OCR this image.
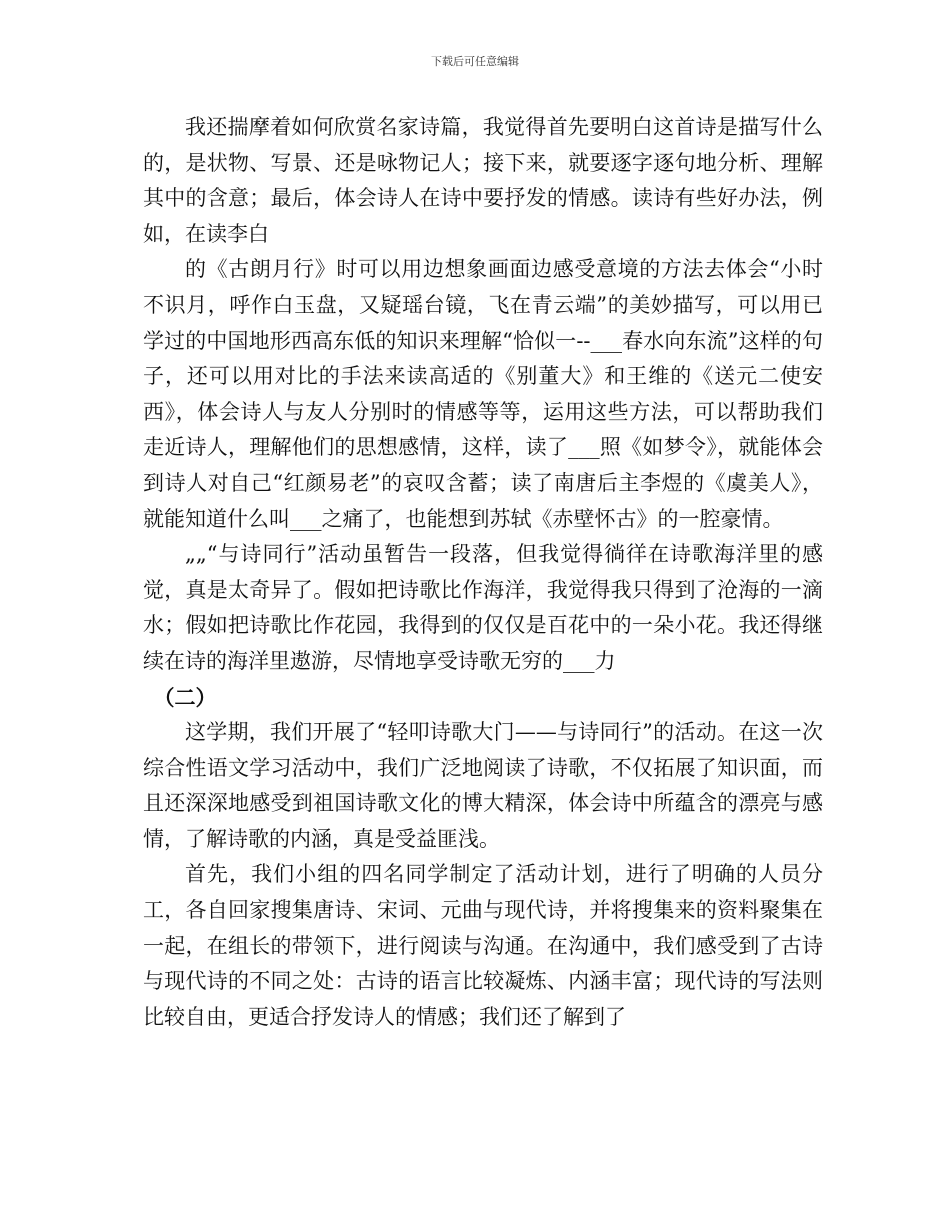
下载后可任意编辑

我还揣摩着如何欣赏名家诗篇，我觉得首先要明白这首诗是描写什么的，是状物、写景、还是咏物记人；接下来，就要逐字逐句地分析、理解其中的含意；最后，体会诗人在诗中要抒发的情感。读诗有些好办法，例如，在读李白

的《古朗月行》时可以用边想象画面边感受意境的方法去体会“小时不识月，呼作白玉盘，又疑瑶台镜，飞在青云端”的美妙描写，可以用已学过的中国地形西高东低的知识来理解“恰似一--___春水向东流”这样的句子，还可以用对比的手法来读高适的《别董大》和王维的《送元二使安西》，体会诗人与友人分别时的情感等等，运用这些方法，可以帮助我们走近诗人，理解他们的思想感情，这样，读了___照《如梦令》，就能体会到诗人对自己“红颜易老”的哀叹含蓄；读了南唐后主李煜的《虞美人》，就能知道什么叫___之痛了，也能想到苏轼《赤壁怀古》的一腔豪情。

„„“与诗同行”活动虽暂告一段落，但我觉得徜徉在诗歌海洋里的感觉，真是太奇异了。假如把诗歌比作海洋，我觉得我只得到了沧海的一滴水；假如把诗歌比作花园，我得到的仅仅是百花中的一朵小花。我还得继续在诗的海洋里遨游，尽情地享受诗歌无穷的___力

（二）

这学期，我们开展了“轻叩诗歌大门——与诗同行”的活动。在这一次综合性语文学习活动中，我们广泛地阅读了诗歌，不仅拓展了知识面，而且还深深地感受到祖国诗歌文化的博大精深，体会诗中所蕴含的漂亮与感情，了解诗歌的内涵，真是受益匪浅。

首先，我们小组的四名同学制定了活动计划，进行了明确的人员分工，各自回家搜集唐诗、宋词、元曲与现代诗，并将搜集来的资料聚集在一起，在组长的带领下，进行阅读与沟通。在沟通中，我们感受到了古诗与现代诗的不同之处：古诗的语言比较凝炼、内涵丰富；现代诗的写法则比较自由，更适合抒发诗人的情感；我们还了解到了
